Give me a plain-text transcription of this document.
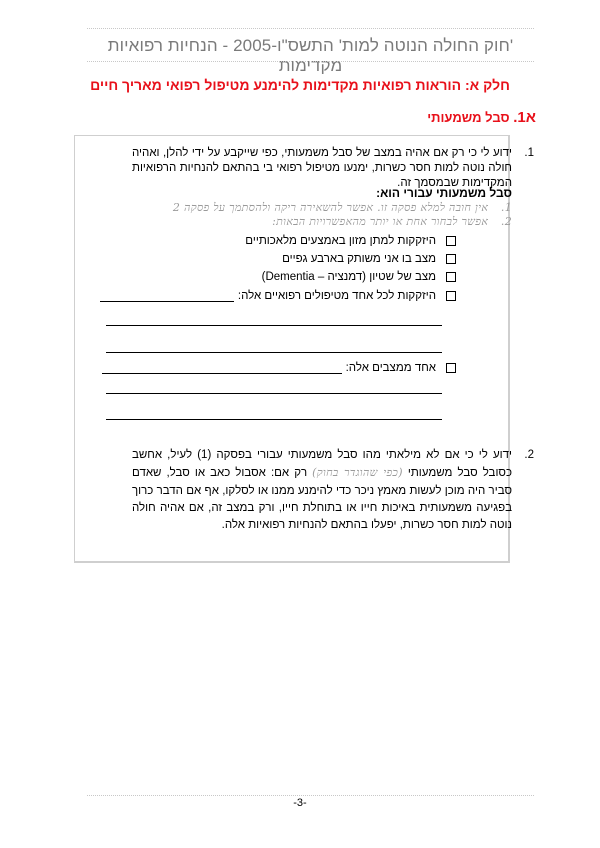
'חוק החולה הנוטה למות' התשס"ו-2005 - הנחיות רפואיות מקדימות
חלק א: הוראות רפואיות מקדימות להימנע מטיפול רפואי מאריך חיים
א1. סבל משמעותי
1.
ידוע לי כי רק אם אהיה במצב של סבל משמעותי, כפי שייקבע על ידי להלן, ואהיה חולה נוטה למות חסר כשרות, ימנעו מטיפול רפואי בי בהתאם להנחיות הרפואיות המקדימות שבמסמך זה.
סבל משמעותי עבורי הוא:
1. אין חובה למלא פסקה זו. אפשר להשאירה ריקה ולהסתמך על פסקה 2
2. אפשר לבחור אחת או יותר מהאפשרויות הבאות:
היזקקות למתן מזון באמצעים מלאכותיים
מצב בו אני משותק בארבע גפיים
מצב של שטיון (דמנציה – Dementia)
היזקקות לכל אחד מטיפולים רפואיים אלה:
אחד ממצבים אלה:
2.
ידוע לי כי אם לא מילאתי מהו סבל משמעותי עבורי בפסקה (1) לעיל, אחשב כסובל סבל משמעותי (כפי שהוגדר בחוק) רק אם: אסבול כאב או סבל, שאדם סביר היה מוכן לעשות מאמץ ניכר כדי להימנע ממנו או לסלקו, אף אם הדבר כרוך בפגיעה משמעותית באיכות חייו או בתוחלת חייו, ורק במצב זה, אם אהיה חולה נוטה למות חסר כשרות, יפעלו בהתאם להנחיות רפואיות אלה.
-3-
